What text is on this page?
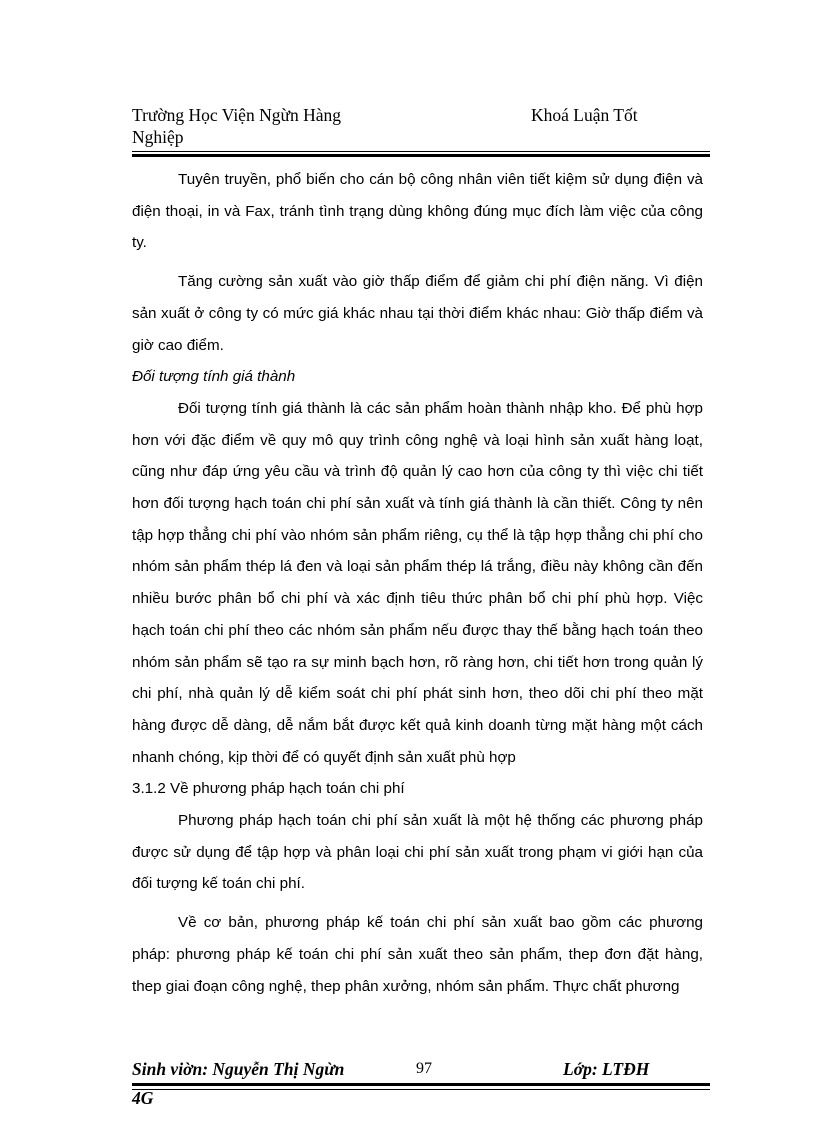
Trường Học Viện Ngừn Hàng	Khoá Luận Tốt
Nghiệp

Tuyên truyền, phổ biến cho cán bộ công nhân viên tiết kiệm sử dụng điện và điện thoại, in và Fax, tránh tình trạng dùng không đúng mục đích làm việc của công ty.

Tăng cường sản xuất vào giờ thấp điểm để giảm chi phí điện năng. Vì điện sản xuất ở công ty có mức giá khác nhau tại thời điểm khác nhau: Giờ thấp điểm và giờ cao điểm.

Đối tượng tính giá thành

Đối tượng tính giá thành là các sản phẩm hoàn thành nhập kho. Để phù hợp hơn với đặc điểm về quy mô quy trình công nghệ và loại hình sản xuất hàng loạt, cũng như đáp ứng yêu cầu và trình độ quản lý cao hơn của công ty thì việc chi tiết hơn đối tượng hạch toán chi phí sản xuất và tính giá thành là cần thiết. Công ty nên tập hợp thẳng chi phí vào nhóm sản phẩm riêng, cụ thể là tập hợp thẳng chi phí cho nhóm sản phẩm thép lá đen và loại sản phẩm thép lá trắng, điều này không cần đến nhiều bước phân bổ chi phí và xác định tiêu thức phân bổ chi phí phù hợp. Việc hạch toán chi phí theo các nhóm sản phẩm nếu được thay thế bằng hạch toán theo nhóm sản phẩm sẽ tạo ra sự minh bạch hơn, rõ ràng hơn, chi tiết hơn trong quản lý chi phí, nhà quản lý dễ kiểm soát chi phí phát sinh hơn, theo dõi chi phí theo mặt hàng được dễ dàng, dễ nắm bắt được kết quả kinh doanh từng mặt hàng một cách nhanh chóng, kịp thời để có quyết định sản xuất phù hợp

3.1.2 Về phương pháp hạch toán chi phí

Phương pháp hạch toán chi phí sản xuất là một hệ thống các phương pháp được sử dụng để tập hợp và phân loại chi phí sản xuất trong phạm vi giới hạn của đối tượng kế toán chi phí.

Về cơ bản, phương pháp kế toán chi phí sản xuất bao gồm các phương pháp: phương pháp kế toán chi phí sản xuất theo sản phẩm, thep đơn đặt hàng, thep giai đoạn công nghệ, thep phân xưởng, nhóm sản phẩm. Thực chất phương

Sinh viờn: Nguyễn Thị Ngừn	97	Lớp: LTĐH
4G
